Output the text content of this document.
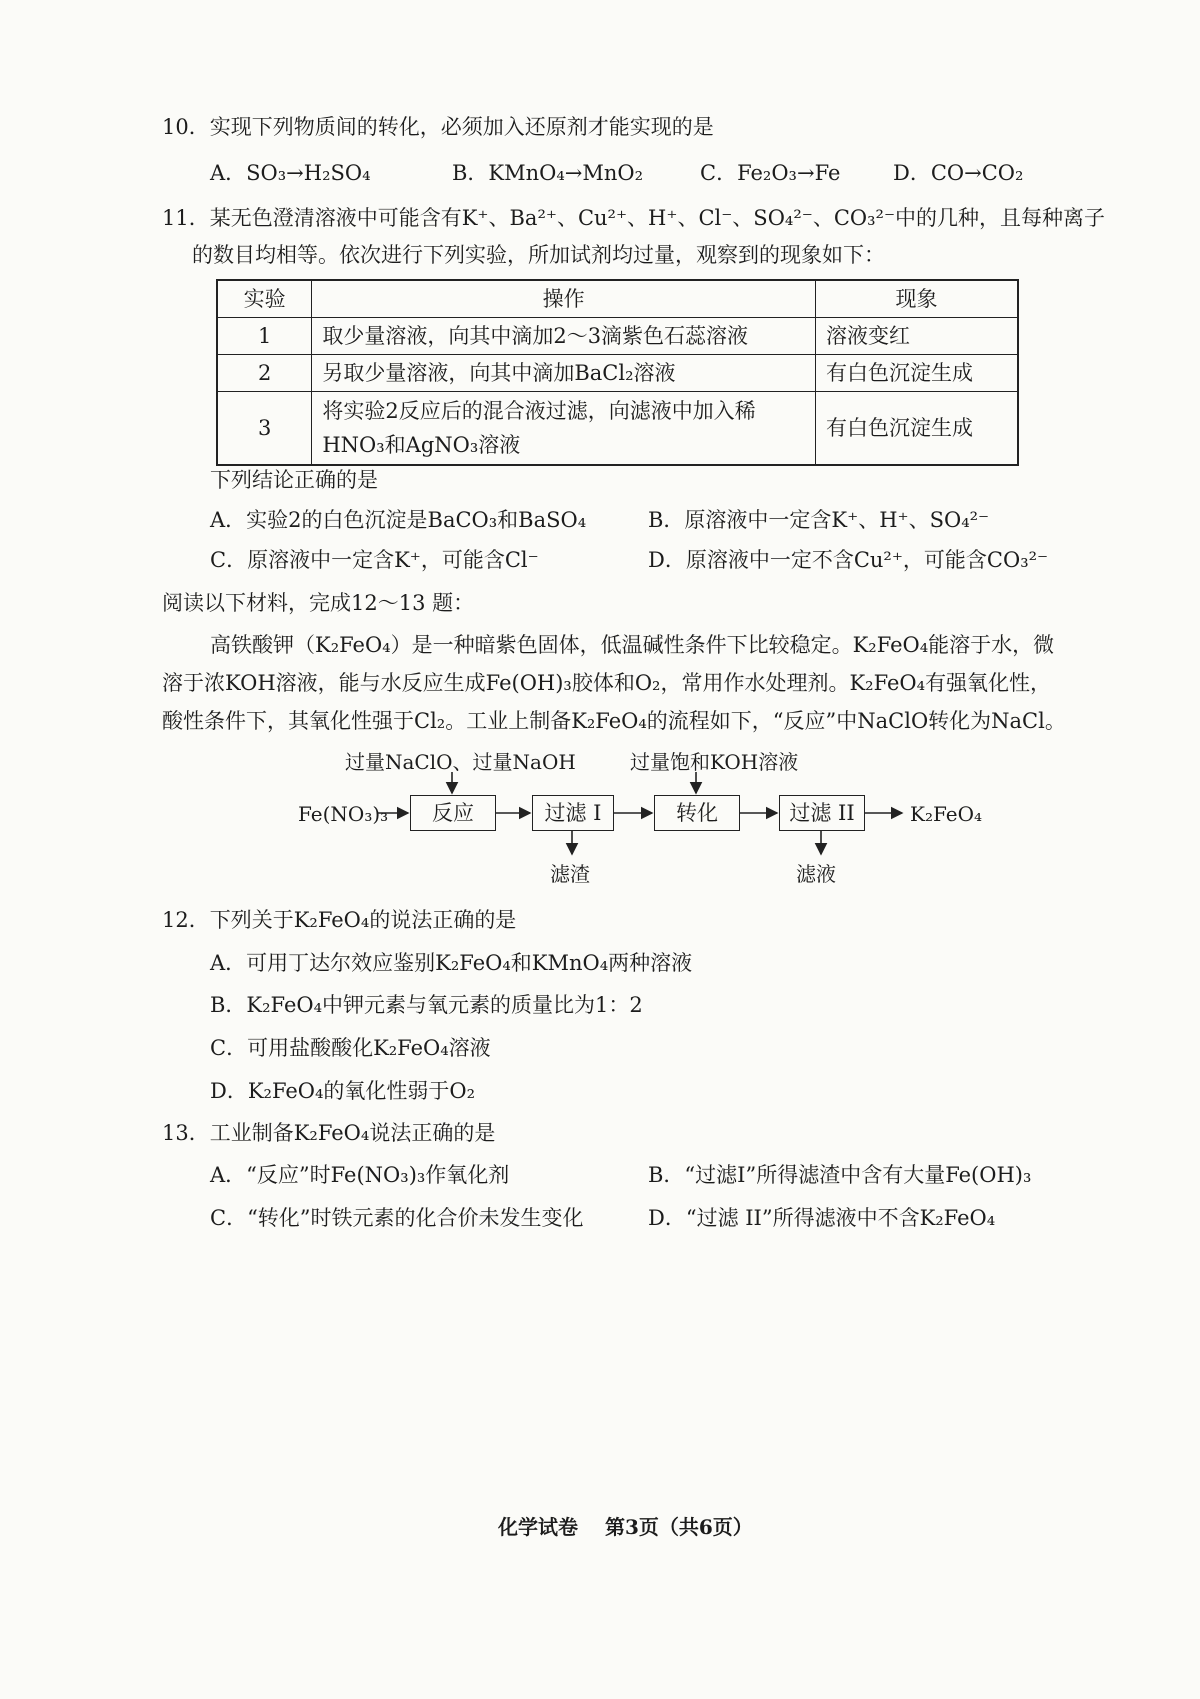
10．实现下列物质间的转化，必须加入还原剂才能实现的是
A．SO₃→H₂SO₄	B．KMnO₄→MnO₂	C．Fe₂O₃→Fe	D．CO→CO₂
11．某无色澄清溶液中可能含有K⁺、Ba²⁺、Cu²⁺、H⁺、Cl⁻、SO₄²⁻、CO₃²⁻中的几种，且每种离子
的数目均相等。依次进行下列实验，所加试剂均过量，观察到的现象如下：
实验	操作	现象
1	取少量溶液，向其中滴加2～3滴紫色石蕊溶液	溶液变红
2	另取少量溶液，向其中滴加BaCl₂溶液	有白色沉淀生成
3	将实验2反应后的混合液过滤，向滤液中加入稀HNO₃和AgNO₃溶液	有白色沉淀生成
下列结论正确的是
A．实验2的白色沉淀是BaCO₃和BaSO₄	B．原溶液中一定含K⁺、H⁺、SO₄²⁻
C．原溶液中一定含K⁺，可能含Cl⁻	D．原溶液中一定不含Cu²⁺，可能含CO₃²⁻
阅读以下材料，完成12～13 题：
高铁酸钾（K₂FeO₄）是一种暗紫色固体，低温碱性条件下比较稳定。K₂FeO₄能溶于水，微
溶于浓KOH溶液，能与水反应生成Fe(OH)₃胶体和O₂，常用作水处理剂。K₂FeO₄有强氧化性，
酸性条件下，其氧化性强于Cl₂。工业上制备K₂FeO₄的流程如下，“反应”中NaClO转化为NaCl。
过量NaClO、过量NaOH	过量饱和KOH溶液
Fe(NO₃)₃	反应	过滤 I	转化	过滤 II	K₂FeO₄
滤渣	滤液
12．下列关于K₂FeO₄的说法正确的是
A．可用丁达尔效应鉴别K₂FeO₄和KMnO₄两种溶液
B．K₂FeO₄中钾元素与氧元素的质量比为1：2
C．可用盐酸酸化K₂FeO₄溶液
D．K₂FeO₄的氧化性弱于O₂
13．工业制备K₂FeO₄说法正确的是
A．“反应”时Fe(NO₃)₃作氧化剂	B．“过滤I”所得滤渣中含有大量Fe(OH)₃
C．“转化”时铁元素的化合价未发生变化	D．“过滤 II”所得滤液中不含K₂FeO₄
化学试卷　 第3页（共6页）
